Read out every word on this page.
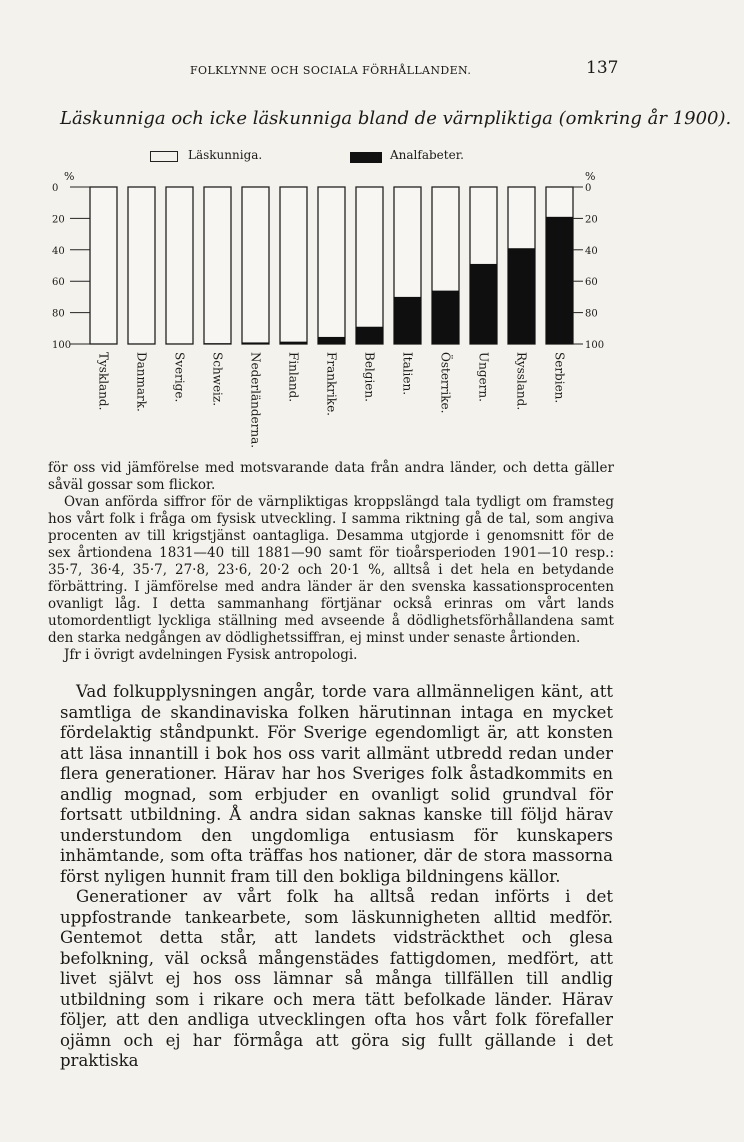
FOLKLYNNE OCH SOCIALA FÖRHÅLLANDEN.	137
Läskunniga och icke läskunniga bland de värnpliktiga (omkring år 1900).
Läskunniga.	Analfabeter.
Tyskland. Danmark. Sverige. Schweiz. Nederländerna. Finland. Frankrike. Belgien. Italien. Österrike. Ungern. Ryssland. Serbien.
%
0
20
40
60
80
100
%
0
20
40
60
80
100

för oss vid jämförelse med motsvarande data från andra länder, och detta gäller såväl gossar som flickor.

Ovan anförda siffror för de värnpliktigas kroppslängd tala tydligt om framsteg hos vårt folk i fråga om fysisk utveckling. I samma riktning gå de tal, som angiva procenten av till krigstjänst oantagliga. Desamma utgjorde i genomsnitt för de sex årtiondena 1831—40 till 1881—90 samt för tioårsperioden 1901—10 resp.: 35·7, 36·4, 35·7, 27·8, 23·6, 20·2 och 20·1 %, alltså i det hela en betydande förbättring. I jämförelse med andra länder är den svenska kassationsprocenten ovanligt låg. I detta sammanhang förtjänar också erinras om vårt lands utomordentligt lyckliga ställning med avseende å dödlighetsförhållandena samt den starka nedgången av dödlighetssiffran, ej minst under senaste årtionden.

Jfr i övrigt avdelningen Fysisk antropologi.

Vad folkupplysningen angår, torde vara allmänneligen känt, att samtliga de skandinaviska folken härutinnan intaga en mycket fördelaktig ståndpunkt. För Sverige egendomligt är, att konsten att läsa innantill i bok hos oss varit allmänt utbredd redan under flera generationer. Härav har hos Sveriges folk åstadkommits en andlig mognad, som erbjuder en ovanligt solid grundval för fortsatt utbildning. Å andra sidan saknas kanske till följd härav understundom den ungdomliga entusiasm för kunskapers inhämtande, som ofta träffas hos nationer, där de stora massorna först nyligen hunnit fram till den bokliga bildningens källor.

Generationer av vårt folk ha alltså redan införts i det uppfostrande tankearbete, som läskunnigheten alltid medför. Gentemot detta står, att landets vidsträckthet och glesa befolkning, väl också mångenstädes fattigdomen, medfört, att livet självt ej hos oss lämnar så många tillfällen till andlig utbildning som i rikare och mera tätt befolkade länder. Härav följer, att den andliga utvecklingen ofta hos vårt folk förefaller ojämn och ej har förmåga att göra sig fullt gällande i det praktiska
